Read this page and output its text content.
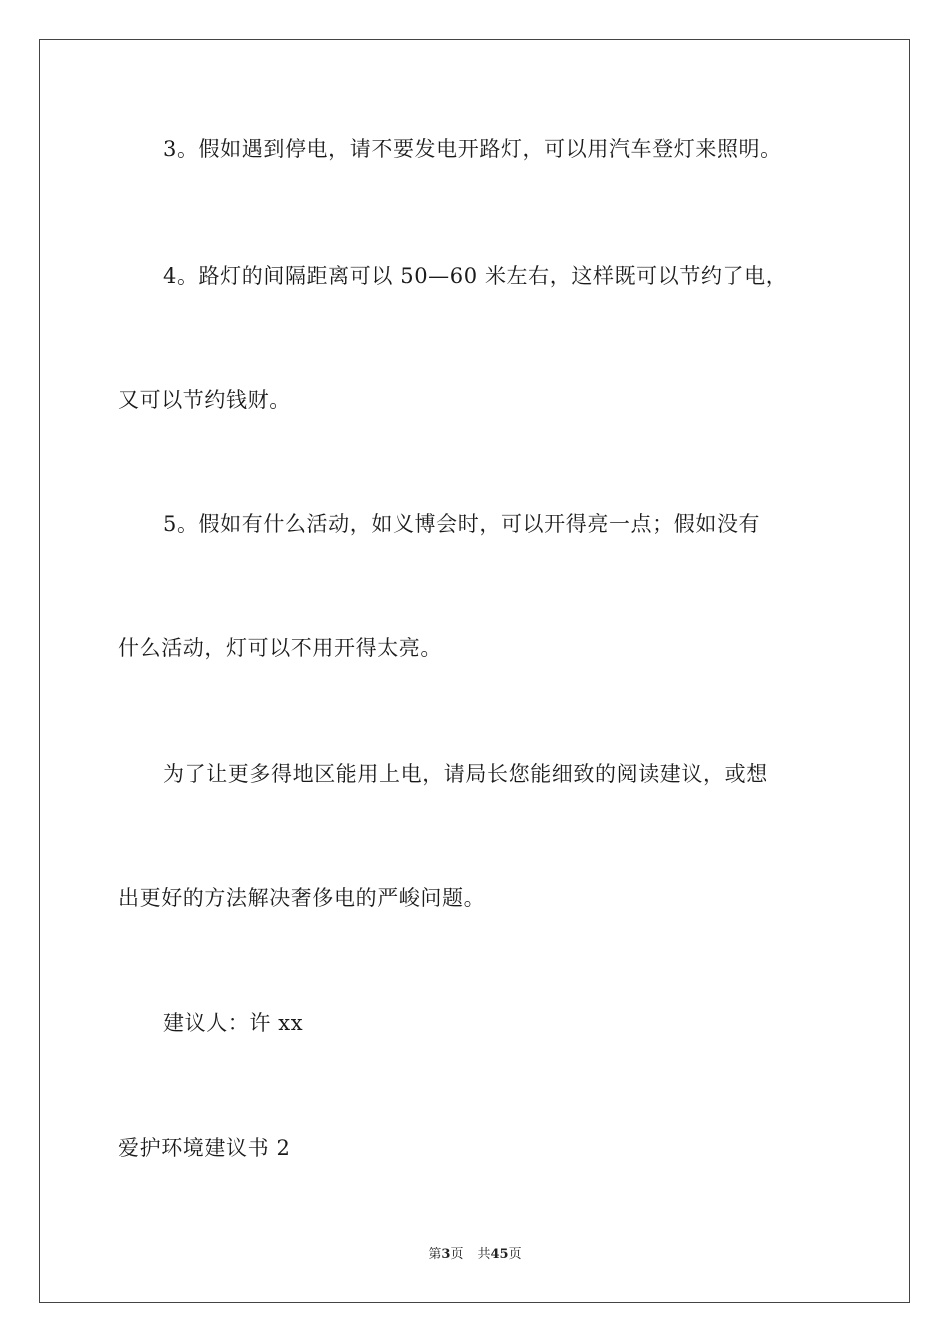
3。假如遇到停电，请不要发电开路灯，可以用汽车登灯来照明。
4。路灯的间隔距离可以 50—60 米左右，这样既可以节约了电，
又可以节约钱财。
5。假如有什么活动，如义博会时，可以开得亮一点；假如没有
什么活动，灯可以不用开得太亮。
为了让更多得地区能用上电，请局长您能细致的阅读建议，或想
出更好的方法解决奢侈电的严峻问题。
建议人：许 xx
爱护环境建议书 2
第3页 共45页
